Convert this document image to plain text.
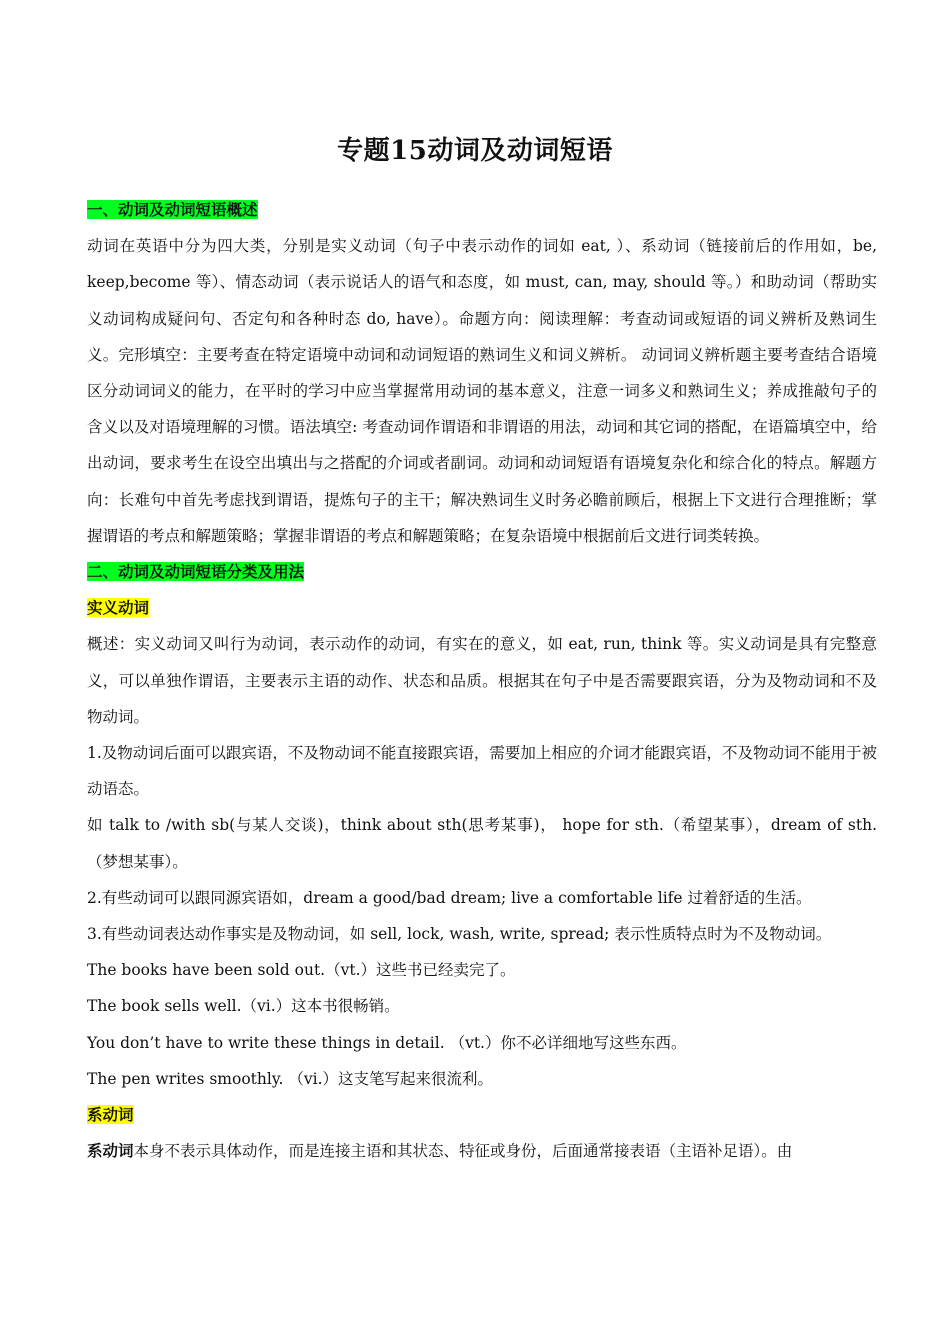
专题15动词及动词短语

一、动词及动词短语概述

动词在英语中分为四大类，分别是实义动词（句子中表示动作的词如 eat, ）、系动词（链接前后的作用如，be, keep,become 等）、情态动词（表示说话人的语气和态度，如 must, can, may, should 等。）和助动词（帮助实义动词构成疑问句、否定句和各种时态 do, have）。命题方向：阅读理解：考查动词或短语的词义辨析及熟词生义。完形填空：主要考查在特定语境中动词和动词短语的熟词生义和词义辨析。 动词词义辨析题主要考查结合语境区分动词词义的能力，在平时的学习中应当掌握常用动词的基本意义，注意一词多义和熟词生义；养成推敲句子的含义以及对语境理解的习惯。语法填空: 考查动词作谓语和非谓语的用法，动词和其它词的搭配，在语篇填空中，给出动词，要求考生在设空出填出与之搭配的介词或者副词。动词和动词短语有语境复杂化和综合化的特点。解题方向：长难句中首先考虑找到谓语，提炼句子的主干；解决熟词生义时务必瞻前顾后，根据上下文进行合理推断；掌握谓语的考点和解题策略；掌握非谓语的考点和解题策略；在复杂语境中根据前后文进行词类转换。

二、动词及动词短语分类及用法

实义动词

概述：实义动词又叫行为动词，表示动作的动词，有实在的意义，如 eat, run, think 等。实义动词是具有完整意义，可以单独作谓语，主要表示主语的动作、状态和品质。根据其在句子中是否需要跟宾语，分为及物动词和不及物动词。

1.及物动词后面可以跟宾语，不及物动词不能直接跟宾语，需要加上相应的介词才能跟宾语，不及物动词不能用于被动语态。

如 talk to /with sb(与某人交谈)，think about sth(思考某事)， hope for sth.（希望某事），dream of sth.（梦想某事）。

2.有些动词可以跟同源宾语如，dream a good/bad dream; live a comfortable life 过着舒适的生活。

3.有些动词表达动作事实是及物动词，如 sell, lock, wash, write, spread; 表示性质特点时为不及物动词。

The books have been sold out.（vt.）这些书已经卖完了。

The book sells well.（vi.）这本书很畅销。

You don’t have to write these things in detail. （vt.）你不必详细地写这些东西。

The pen writes smoothly. （vi.）这支笔写起来很流利。

系动词

系动词本身不表示具体动作，而是连接主语和其状态、特征或身份，后面通常接表语（主语补足语）。由
